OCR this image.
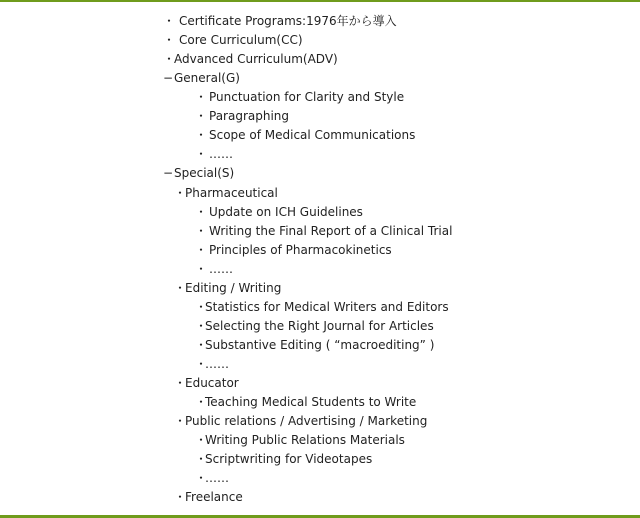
・ Certificate Programs:1976年から導入
・ Core Curriculum(CC)
・Advanced Curriculum(ADV)
−General(G)
・ Punctuation for Clarity and Style
・ Paragraphing
・ Scope of Medical Communications
・ ……
−Special(S)
・Pharmaceutical
・ Update on ICH Guidelines
・ Writing the Final Report of a Clinical Trial
・ Principles of Pharmacokinetics
・ ……
・Editing / Writing
・Statistics for Medical Writers and Editors
・Selecting the Right Journal for Articles
・Substantive Editing ( “macroediting” )
・……
・Educator
・Teaching Medical Students to Write
・Public relations / Advertising / Marketing
・Writing Public Relations Materials
・Scriptwriting for Videotapes
・……
・Freelance
